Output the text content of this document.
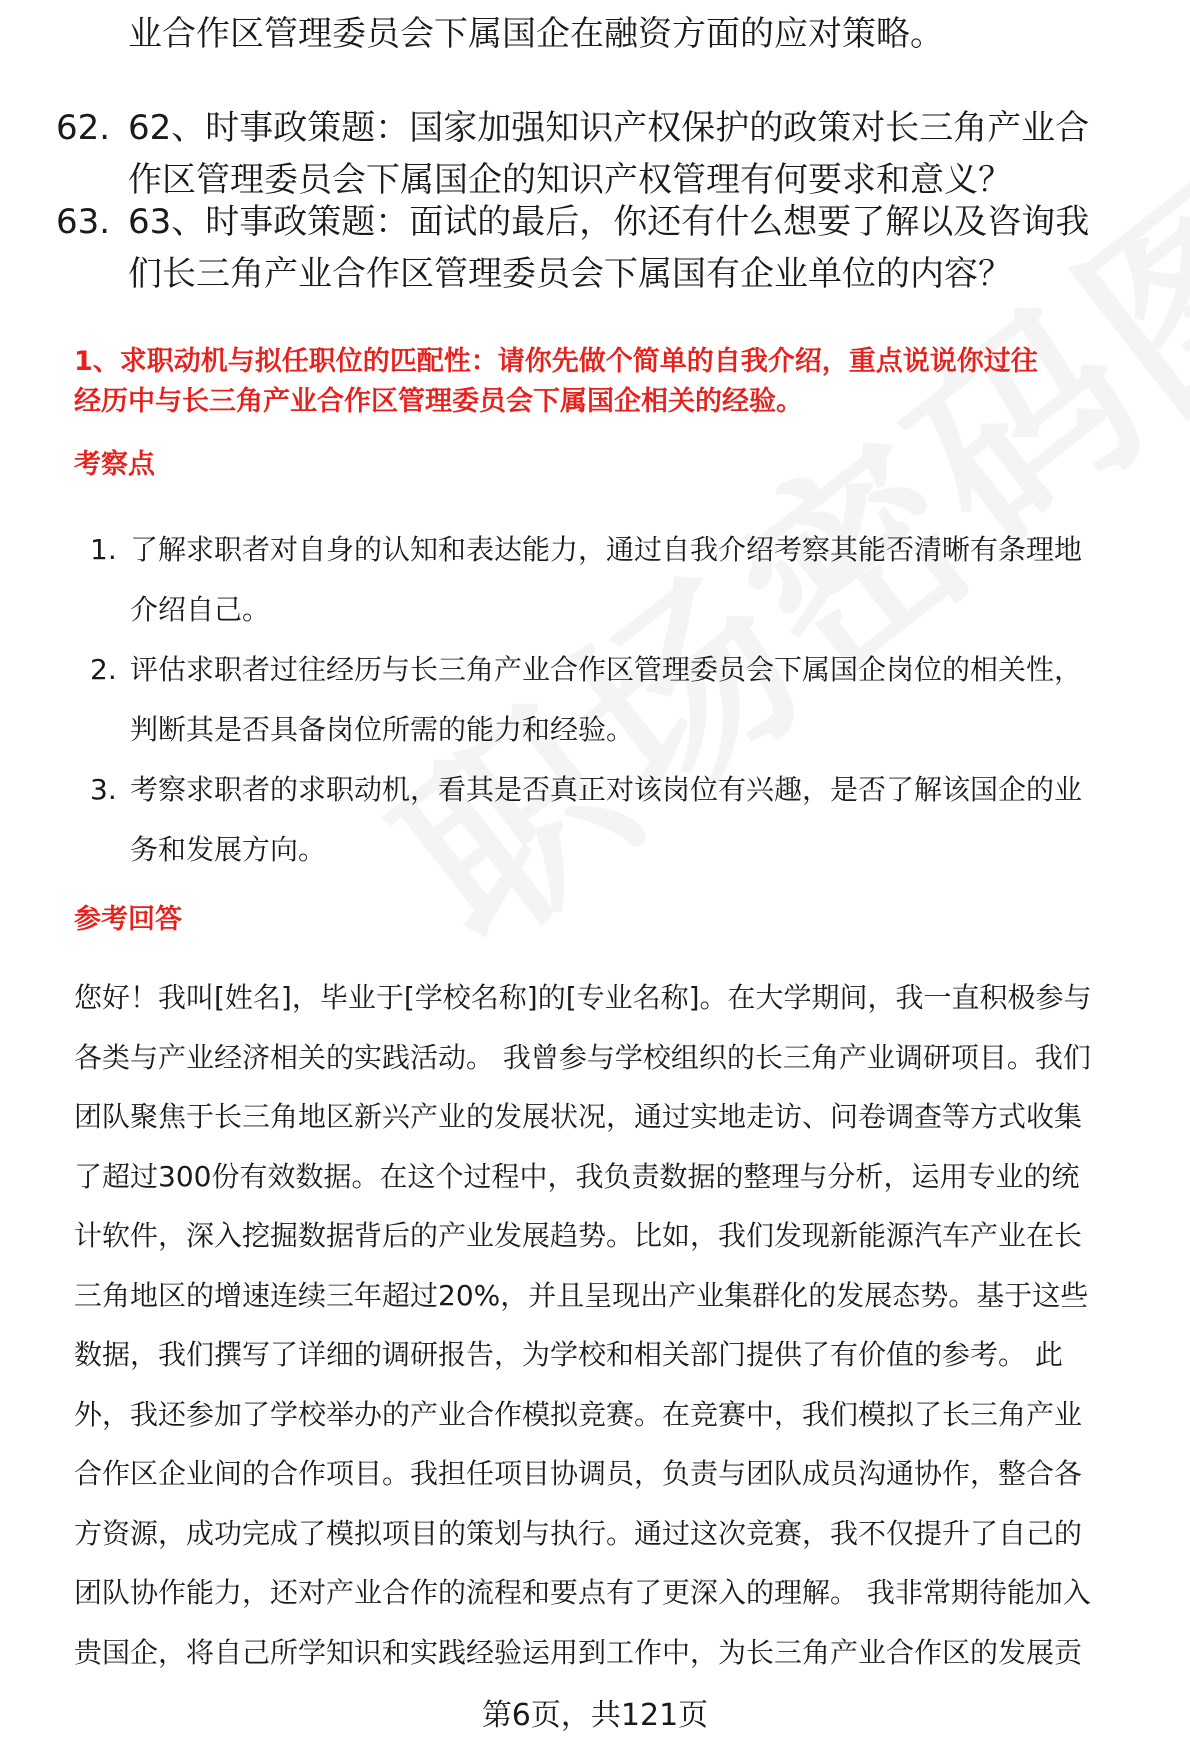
业合作区管理委员会下属国企在融资方面的应对策略。
62. 62、时事政策题：国家加强知识产权保护的政策对长三角产业合
作区管理委员会下属国企的知识产权管理有何要求和意义？
63. 63、时事政策题：面试的最后，你还有什么想要了解以及咨询我
们长三角产业合作区管理委员会下属国有企业单位的内容？
1、求职动机与拟任职位的匹配性：请你先做个简单的自我介绍，重点说说你过往
经历中与长三角产业合作区管理委员会下属国企相关的经验。
考察点
1. 了解求职者对自身的认知和表达能力，通过自我介绍考察其能否清晰有条理地
介绍自己。
2. 评估求职者过往经历与长三角产业合作区管理委员会下属国企岗位的相关性，
判断其是否具备岗位所需的能力和经验。
3. 考察求职者的求职动机，看其是否真正对该岗位有兴趣，是否了解该国企的业
务和发展方向。
参考回答
您好！我叫[姓名]，毕业于[学校名称]的[专业名称]。在大学期间，我一直积极参与
各类与产业经济相关的实践活动。 我曾参与学校组织的长三角产业调研项目。我们
团队聚焦于长三角地区新兴产业的发展状况，通过实地走访、问卷调查等方式收集
了超过300份有效数据。在这个过程中，我负责数据的整理与分析，运用专业的统
计软件，深入挖掘数据背后的产业发展趋势。比如，我们发现新能源汽车产业在长
三角地区的增速连续三年超过20%，并且呈现出产业集群化的发展态势。基于这些
数据，我们撰写了详细的调研报告，为学校和相关部门提供了有价值的参考。 此
外，我还参加了学校举办的产业合作模拟竞赛。在竞赛中，我们模拟了长三角产业
合作区企业间的合作项目。我担任项目协调员，负责与团队成员沟通协作，整合各
方资源，成功完成了模拟项目的策划与执行。通过这次竞赛，我不仅提升了自己的
团队协作能力，还对产业合作的流程和要点有了更深入的理解。 我非常期待能加入
贵国企，将自己所学知识和实践经验运用到工作中，为长三角产业合作区的发展贡
第6页，共121页
